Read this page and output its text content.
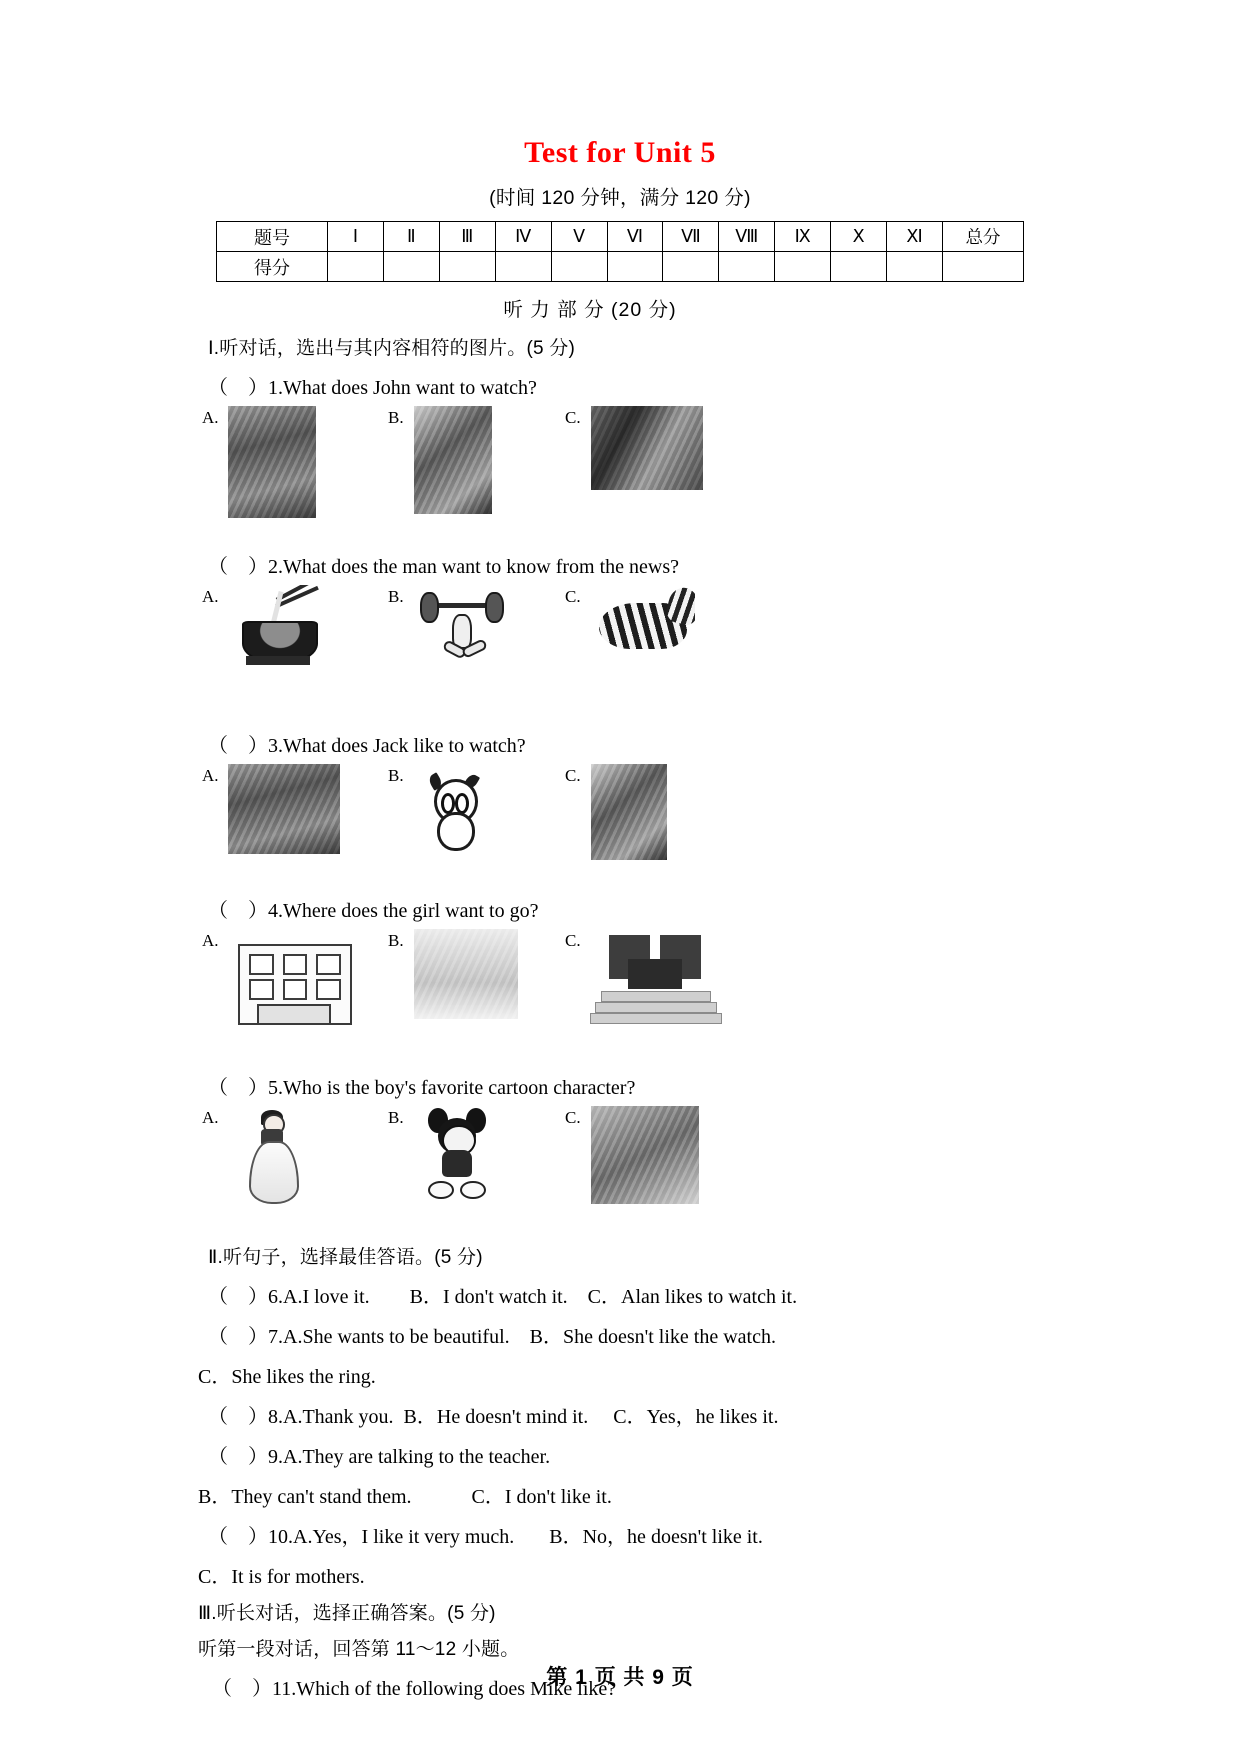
Test for Unit 5
(时间 120 分钟，满分 120 分)
题号	Ⅰ	Ⅱ	Ⅲ	Ⅳ	Ⅴ	Ⅵ	Ⅶ	Ⅷ	Ⅸ	Ⅹ	Ⅺ	总分
得分												
听 力 部 分 (20 分)
Ⅰ.听对话，选出与其内容相符的图片。(5 分)
（    ）1.What does John want to watch?
A.	B.	C.
（    ）2.What does the man want to know from the news?
A.	B.	C.
（    ）3.What does Jack like to watch?
A.	B.	C.
（    ）4.Where does the girl want to go?
A.	B.	C.
（    ）5.Who is the boy's favorite cartoon character?
A.	B.	C.
Ⅱ.听句子，选择最佳答语。(5 分)
（    ）6.A.I love it.        B．I don't watch it.    C．Alan likes to watch it.
（    ）7.A.She wants to be beautiful.    B．She doesn't like the watch.
C．She likes the ring.
（    ）8.A.Thank you.  B．He doesn't mind it.     C．Yes，he likes it.
（    ）9.A.They are talking to the teacher.
B．They can't stand them.            C．I don't like it.
（    ）10.A.Yes，I like it very much.       B．No，he doesn't like it.
C．It is for mothers.
Ⅲ.听长对话，选择正确答案。(5 分)
听第一段对话，回答第 11～12 小题。
（    ）11.Which of the following does Mike like?
第 1 页 共 9 页
